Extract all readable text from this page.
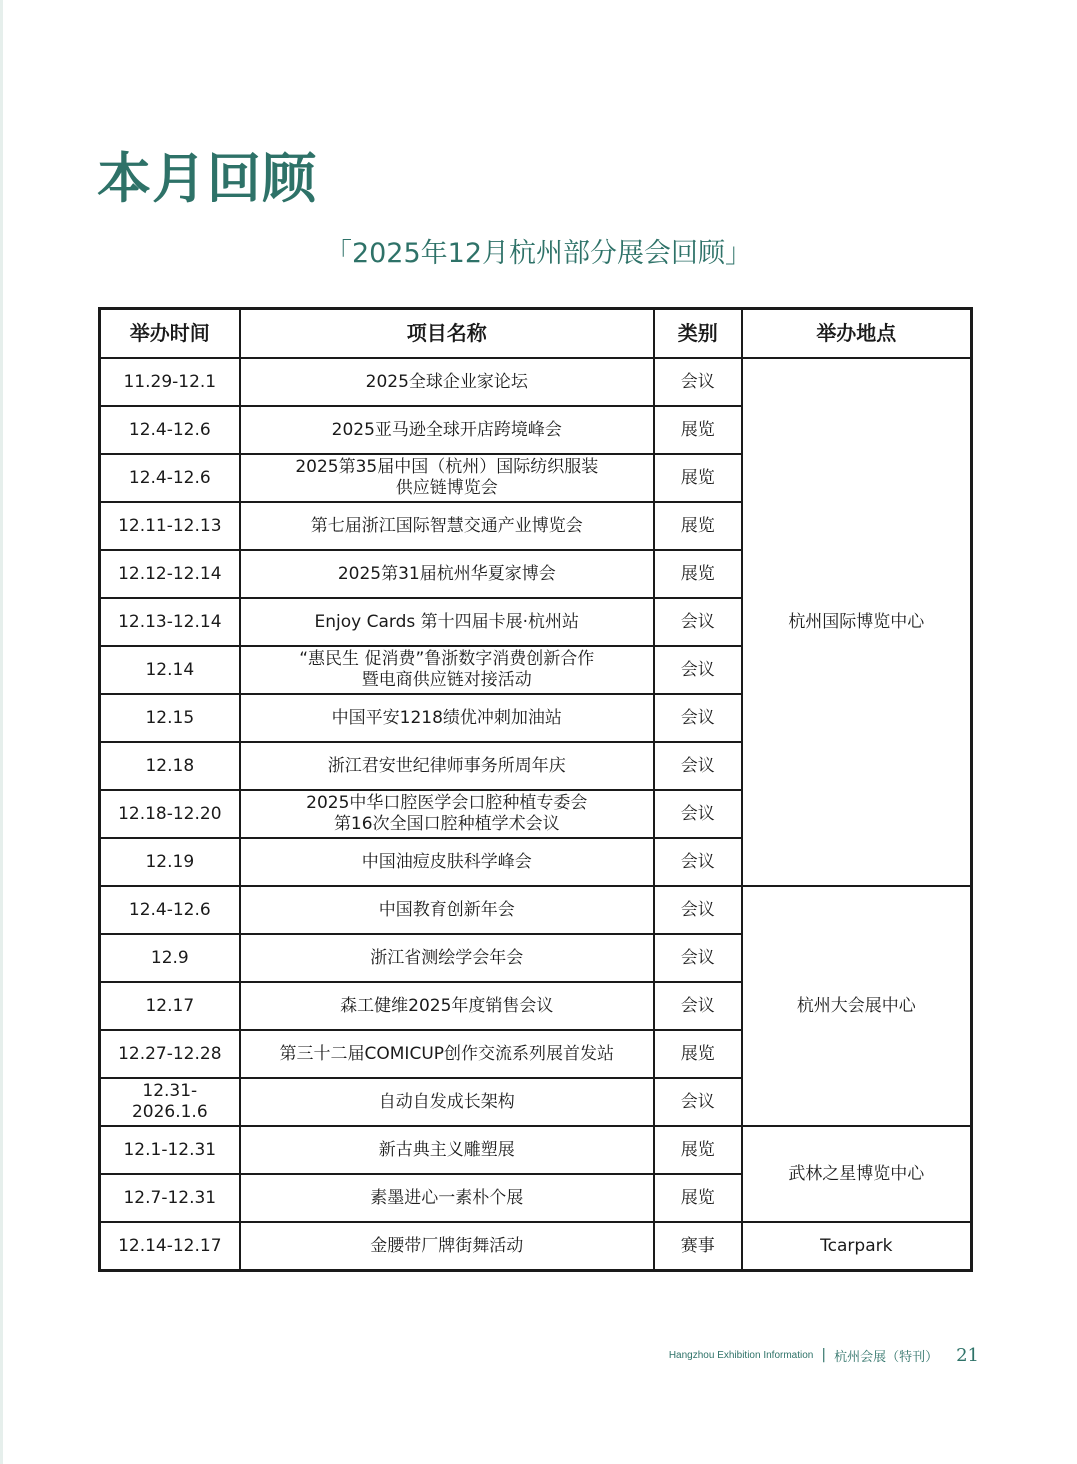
本月回顾
「2025年12月杭州部分展会回顾」
举办时间	项目名称	类别	举办地点
11.29-12.1	2025全球企业家论坛	会议	杭州国际博览中心
12.4-12.6	2025亚马逊全球开店跨境峰会	展览	
12.4-12.6	2025第35届中国（杭州）国际纺织服装
供应链博览会	展览	
12.11-12.13	第七届浙江国际智慧交通产业博览会	展览	
12.12-12.14	2025第31届杭州华夏家博会	展览	
12.13-12.14	Enjoy Cards 第十四届卡展·杭州站	会议	
12.14	“惠民生 促消费”鲁浙数字消费创新合作
暨电商供应链对接活动	会议	
12.15	中国平安1218绩优冲刺加油站	会议	
12.18	浙江君安世纪律师事务所周年庆	会议	
12.18-12.20	2025中华口腔医学会口腔种植专委会
第16次全国口腔种植学术会议	会议	
12.19	中国油痘皮肤科学峰会	会议	
12.4-12.6	中国教育创新年会	会议	杭州大会展中心
12.9	浙江省测绘学会年会	会议	
12.17	森工健维2025年度销售会议	会议	
12.27-12.28	第三十二届COMICUP创作交流系列展首发站	展览	
12.31-2026.1.6	自动自发成长架构	会议	
12.1-12.31	新古典主义雕塑展	展览	武林之星博览中心
12.7-12.31	素墨进心一素朴个展	展览	
12.14-12.17	金腰带厂牌街舞活动	赛事	Tcarpark
Hangzhou Exhibition Information | 杭州会展（特刊） 21
